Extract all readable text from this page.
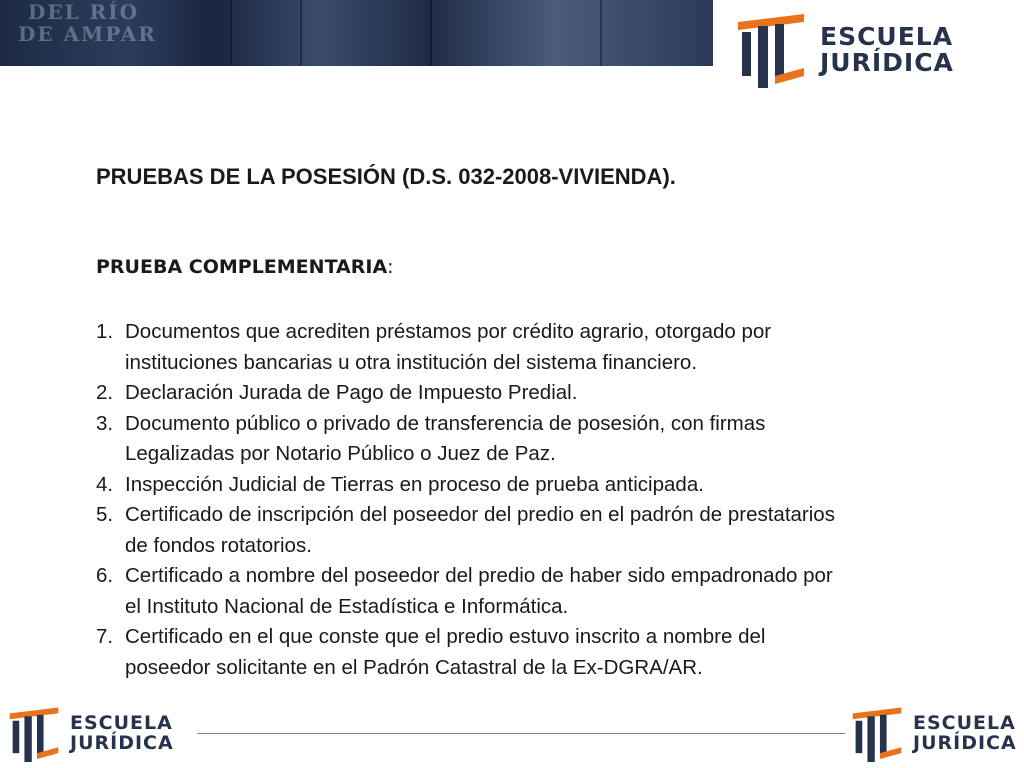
DEL RÍO
DE AMPAR	ESCUELA
JURÍDICA
PRUEBAS DE LA POSESIÓN (D.S. 032-2008-VIVIENDA).
PRUEBA COMPLEMENTARIA:
1. Documentos que acrediten préstamos por crédito agrario, otorgado por
instituciones bancarias u otra institución del sistema financiero.
2. Declaración Jurada de Pago de Impuesto Predial.
3. Documento público o privado de transferencia de posesión, con firmas
Legalizadas por Notario Público o Juez de Paz.
4. Inspección Judicial de Tierras en proceso de prueba anticipada.
5. Certificado de inscripción del poseedor del predio en el padrón de prestatarios
de fondos rotatorios.
6. Certificado a nombre del poseedor del predio de haber sido empadronado por
el Instituto Nacional de Estadística e Informática.
7. Certificado en el que conste que el predio estuvo inscrito a nombre del
poseedor solicitante en el Padrón Catastral de la Ex-DGRA/AR.
ESCUELA
JURÍDICA
ESCUELA
JURÍDICA
